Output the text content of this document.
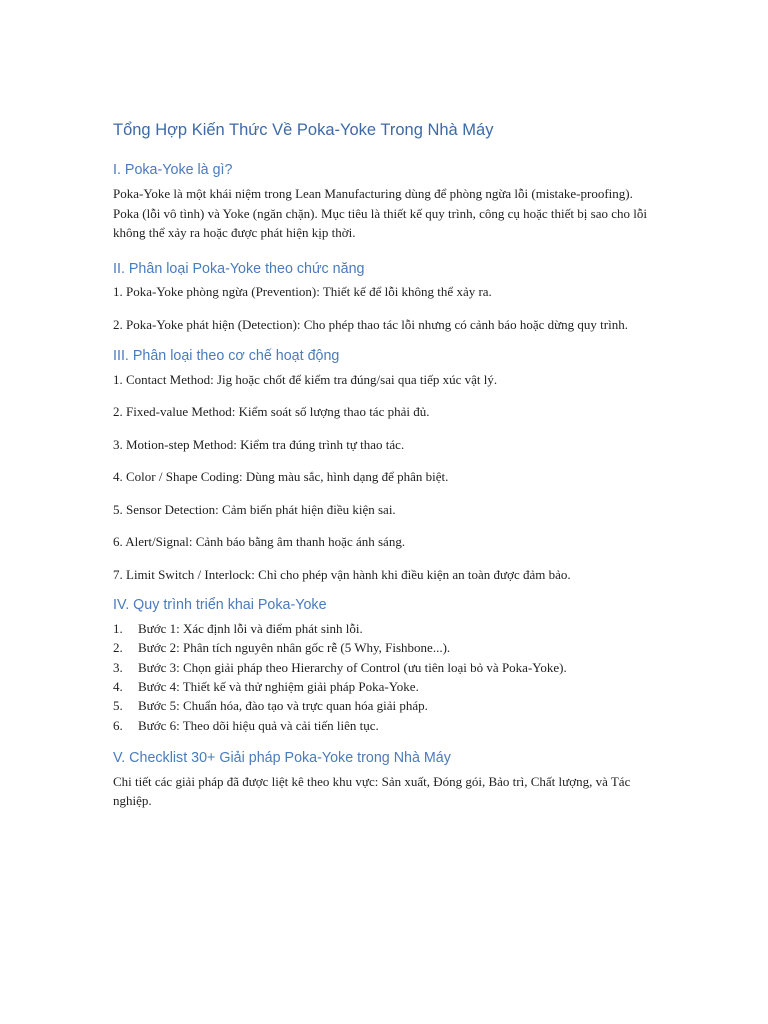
Tổng Hợp Kiến Thức Về Poka-Yoke Trong Nhà Máy
I. Poka-Yoke là gì?

Poka-Yoke là một khái niệm trong Lean Manufacturing dùng để phòng ngừa lỗi (mistake-proofing). Poka (lỗi vô tình) và Yoke (ngăn chặn). Mục tiêu là thiết kế quy trình, công cụ hoặc thiết bị sao cho lỗi không thể xảy ra hoặc được phát hiện kịp thời.

II. Phân loại Poka-Yoke theo chức năng

1. Poka-Yoke phòng ngừa (Prevention): Thiết kế để lỗi không thể xảy ra.

2. Poka-Yoke phát hiện (Detection): Cho phép thao tác lỗi nhưng có cảnh báo hoặc dừng quy trình.

III. Phân loại theo cơ chế hoạt động

1. Contact Method: Jig hoặc chốt để kiểm tra đúng/sai qua tiếp xúc vật lý.

2. Fixed-value Method: Kiểm soát số lượng thao tác phải đủ.

3. Motion-step Method: Kiểm tra đúng trình tự thao tác.

4. Color / Shape Coding: Dùng màu sắc, hình dạng để phân biệt.

5. Sensor Detection: Cảm biến phát hiện điều kiện sai.

6. Alert/Signal: Cảnh báo bằng âm thanh hoặc ánh sáng.

7. Limit Switch / Interlock: Chỉ cho phép vận hành khi điều kiện an toàn được đảm bảo.

IV. Quy trình triển khai Poka-Yoke
1.	Bước 1: Xác định lỗi và điểm phát sinh lỗi.
2.	Bước 2: Phân tích nguyên nhân gốc rễ (5 Why, Fishbone...).
3.	Bước 3: Chọn giải pháp theo Hierarchy of Control (ưu tiên loại bỏ và Poka-Yoke).
4.	Bước 4: Thiết kế và thử nghiệm giải pháp Poka-Yoke.
5.	Bước 5: Chuẩn hóa, đào tạo và trực quan hóa giải pháp.
6.	Bước 6: Theo dõi hiệu quả và cải tiến liên tục.
V. Checklist 30+ Giải pháp Poka-Yoke trong Nhà Máy

Chi tiết các giải pháp đã được liệt kê theo khu vực: Sản xuất, Đóng gói, Bảo trì, Chất lượng, và Tác nghiệp.
